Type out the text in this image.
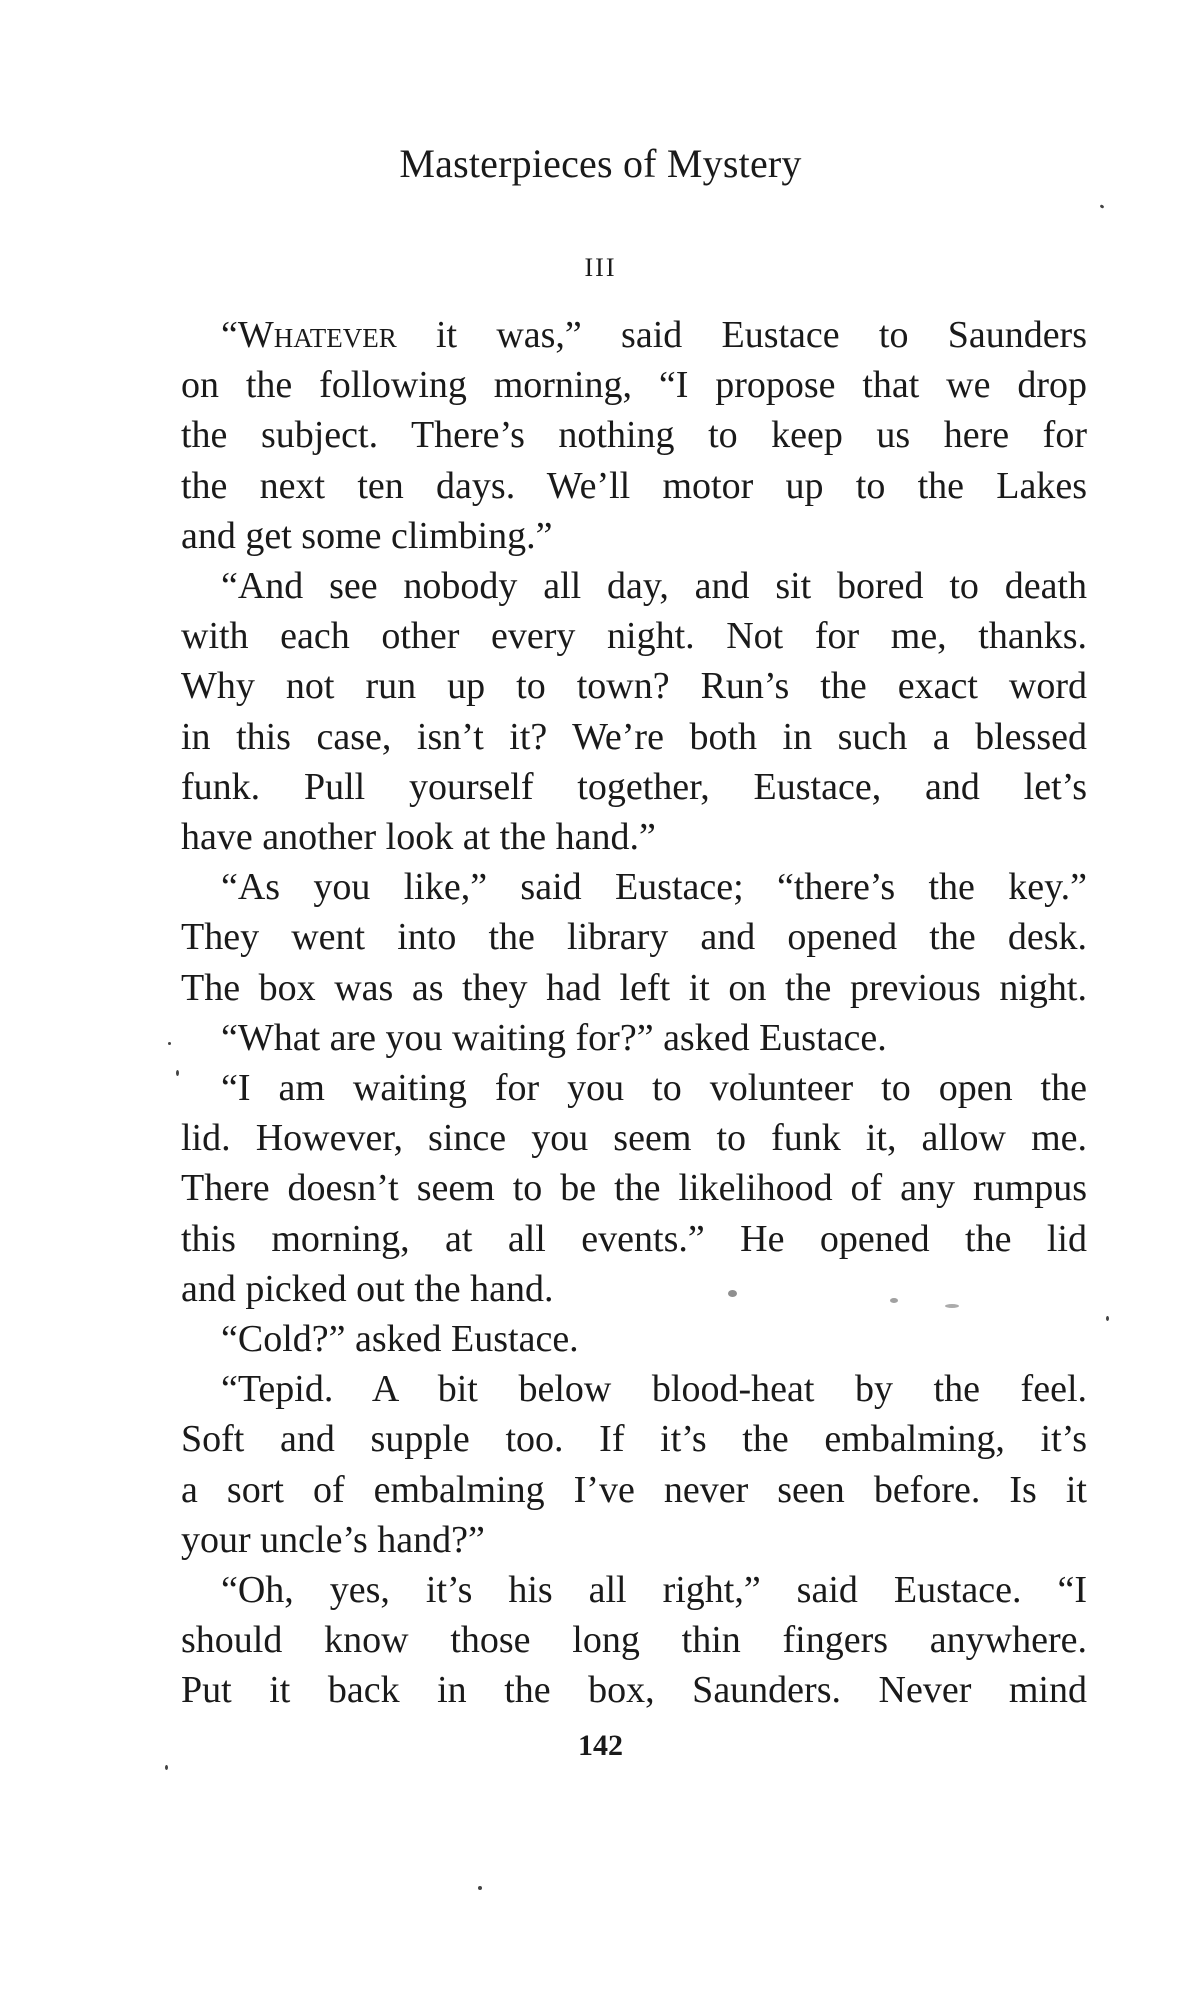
Masterpieces of Mystery
III
“Whatever it was,” said Eustace to Saunders
on the following morning, “I propose that we drop
the subject. There’s nothing to keep us here for
the next ten days. We’ll motor up to the Lakes
and get some climbing.”
“And see nobody all day, and sit bored to death
with each other every night. Not for me, thanks.
Why not run up to town? Run’s the exact word
in this case, isn’t it? We’re both in such a blessed
funk. Pull yourself together, Eustace, and let’s
have another look at the hand.”
“As you like,” said Eustace; “there’s the key.”
They went into the library and opened the desk.
The box was as they had left it on the previous night.
“What are you waiting for?” asked Eustace.
“I am waiting for you to volunteer to open the
lid. However, since you seem to funk it, allow me.
There doesn’t seem to be the likelihood of any rumpus
this morning, at all events.” He opened the lid
and picked out the hand.
“Cold?” asked Eustace.
“Tepid. A bit below blood-heat by the feel.
Soft and supple too. If it’s the embalming, it’s
a sort of embalming I’ve never seen before. Is it
your uncle’s hand?”
“Oh, yes, it’s his all right,” said Eustace. “I
should know those long thin fingers anywhere.
Put it back in the box, Saunders. Never mind
142
